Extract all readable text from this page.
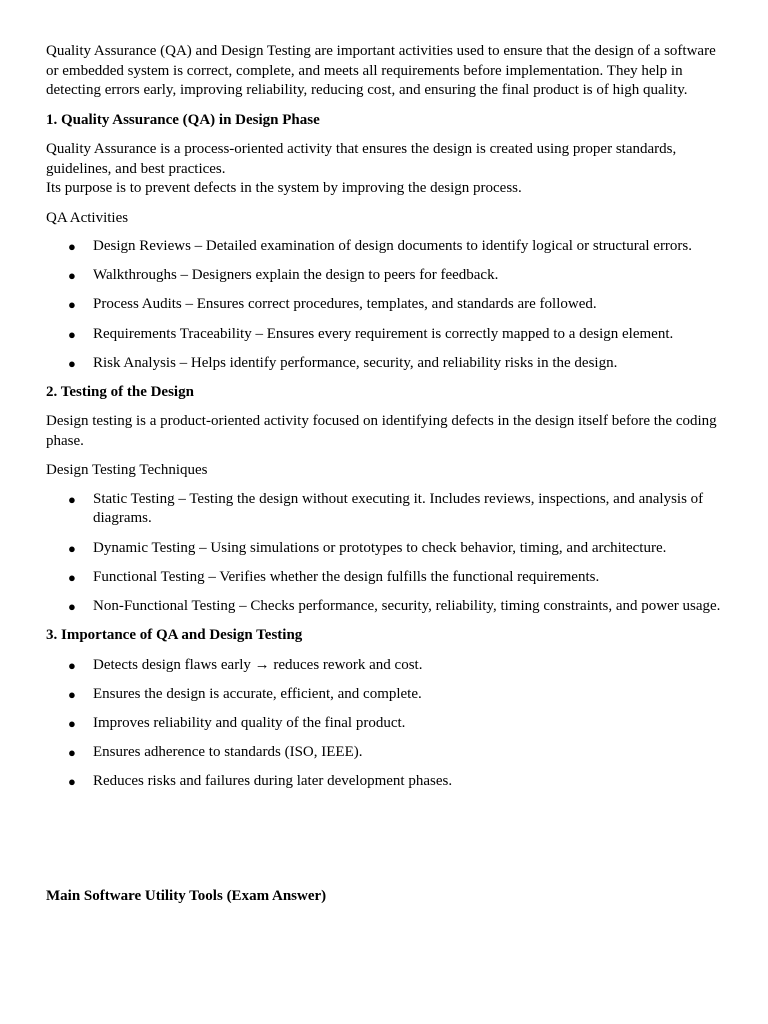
Quality Assurance (QA) and Design Testing are important activities used to ensure that the design of a software or embedded system is correct, complete, and meets all requirements before implementation. They help in detecting errors early, improving reliability, reducing cost, and ensuring the final product is of high quality.

1. Quality Assurance (QA) in Design Phase

Quality Assurance is a process-oriented activity that ensures the design is created using proper standards, guidelines, and best practices.

Its purpose is to prevent defects in the system by improving the design process.

QA Activities

● Design Reviews – Detailed examination of design documents to identify logical or structural errors.
● Walkthroughs – Designers explain the design to peers for feedback.
● Process Audits – Ensures correct procedures, templates, and standards are followed.
● Requirements Traceability – Ensures every requirement is correctly mapped to a design element.
● Risk Analysis – Helps identify performance, security, and reliability risks in the design.

2. Testing of the Design

Design testing is a product-oriented activity focused on identifying defects in the design itself before the coding phase.

Design Testing Techniques

● Static Testing – Testing the design without executing it. Includes reviews, inspections, and analysis of diagrams.
● Dynamic Testing – Using simulations or prototypes to check behavior, timing, and architecture.
● Functional Testing – Verifies whether the design fulfills the functional requirements.
● Non-Functional Testing – Checks performance, security, reliability, timing constraints, and power usage.

3. Importance of QA and Design Testing

● Detects design flaws early → reduces rework and cost.
● Ensures the design is accurate, efficient, and complete.
● Improves reliability and quality of the final product.
● Ensures adherence to standards (ISO, IEEE).
● Reduces risks and failures during later development phases.

Main Software Utility Tools (Exam Answer)
